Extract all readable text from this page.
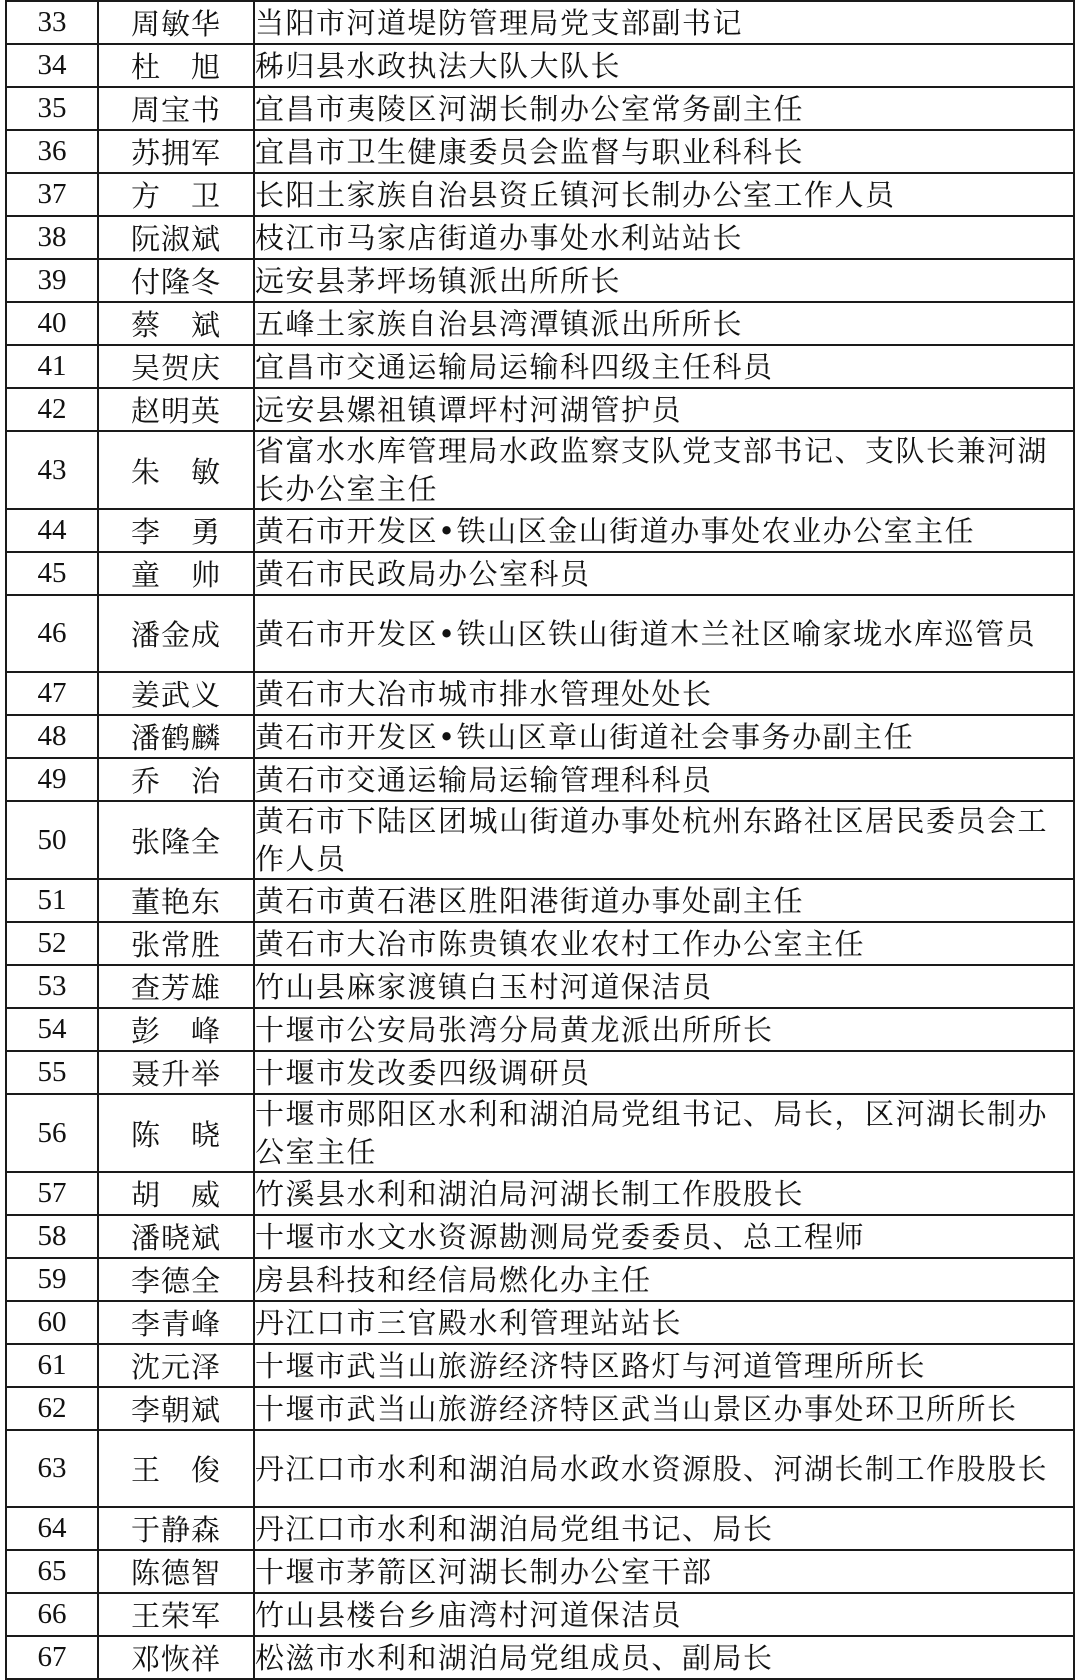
33	周敏华	当阳市河道堤防管理局党支部副书记
34	杜　旭	秭归县水政执法大队大队长
35	周宝书	宜昌市夷陵区河湖长制办公室常务副主任
36	苏拥军	宜昌市卫生健康委员会监督与职业科科长
37	方　卫	长阳土家族自治县资丘镇河长制办公室工作人员
38	阮淑斌	枝江市马家店街道办事处水利站站长
39	付隆冬	远安县茅坪场镇派出所所长
40	蔡　斌	五峰土家族自治县湾潭镇派出所所长
41	吴贺庆	宜昌市交通运输局运输科四级主任科员
42	赵明英	远安县嫘祖镇谭坪村河湖管护员
43	朱　敏	省富水水库管理局水政监察支队党支部书记、支队长兼河湖长办公室主任
44	李　勇	黄石市开发区•铁山区金山街道办事处农业办公室主任
45	童　帅	黄石市民政局办公室科员
46	潘金成	黄石市开发区•铁山区铁山街道木兰社区喻家垅水库巡管员
47	姜武义	黄石市大冶市城市排水管理处处长
48	潘鹤麟	黄石市开发区•铁山区章山街道社会事务办副主任
49	乔　治	黄石市交通运输局运输管理科科员
50	张隆全	黄石市下陆区团城山街道办事处杭州东路社区居民委员会工作人员
51	董艳东	黄石市黄石港区胜阳港街道办事处副主任
52	张常胜	黄石市大冶市陈贵镇农业农村工作办公室主任
53	查芳雄	竹山县麻家渡镇白玉村河道保洁员
54	彭　峰	十堰市公安局张湾分局黄龙派出所所长
55	聂升举	十堰市发改委四级调研员
56	陈　晓	十堰市郧阳区水利和湖泊局党组书记、局长，区河湖长制办公室主任
57	胡　威	竹溪县水利和湖泊局河湖长制工作股股长
58	潘晓斌	十堰市水文水资源勘测局党委委员、总工程师
59	李德全	房县科技和经信局燃化办主任
60	李青峰	丹江口市三官殿水利管理站站长
61	沈元泽	十堰市武当山旅游经济特区路灯与河道管理所所长
62	李朝斌	十堰市武当山旅游经济特区武当山景区办事处环卫所所长
63	王　俊	丹江口市水利和湖泊局水政水资源股、河湖长制工作股股长
64	于静森	丹江口市水利和湖泊局党组书记、局长
65	陈德智	十堰市茅箭区河湖长制办公室干部
66	王荣军	竹山县楼台乡庙湾村河道保洁员
67	邓恢祥	松滋市水利和湖泊局党组成员、副局长
